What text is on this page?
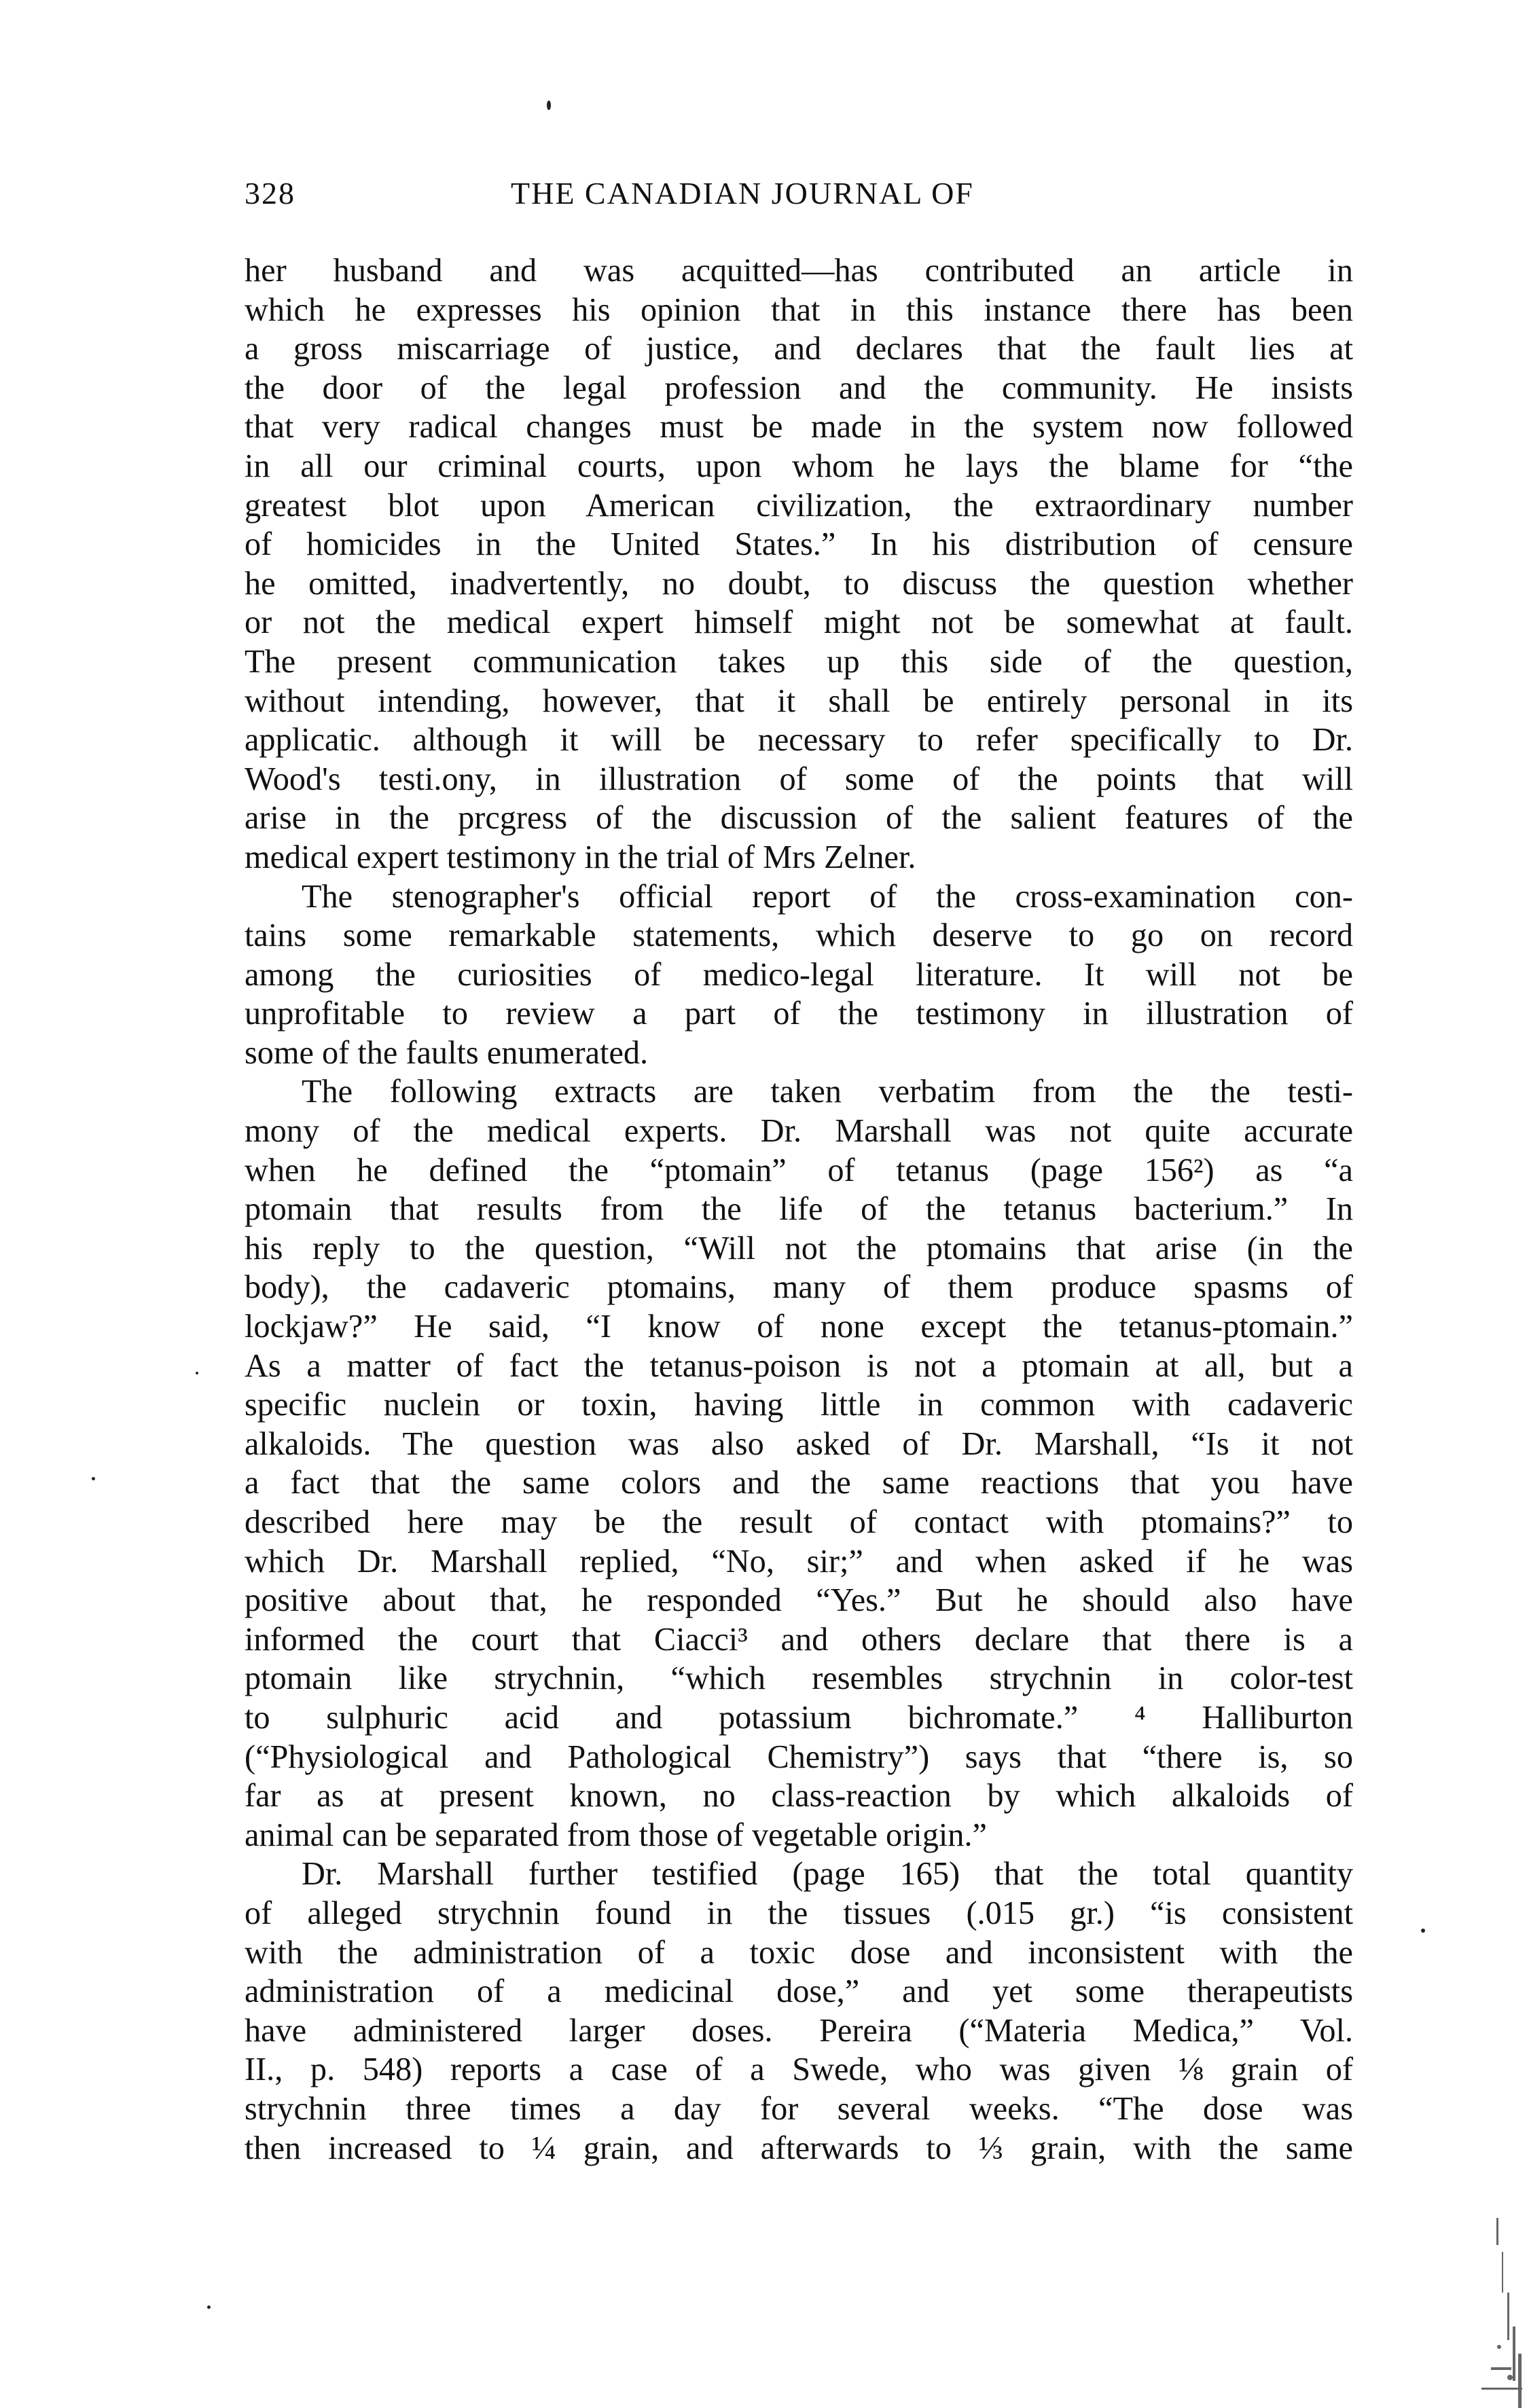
328	THE CANADIAN JOURNAL OF
her husband and was acquitted—has contributed an article in
which he expresses his opinion that in this instance there has been
a gross miscarriage of justice, and declares that the fault lies at
the door of the legal profession and the community. He insists
that very radical changes must be made in the system now followed
in all our criminal courts, upon whom he lays the blame for “the
greatest blot upon American civilization, the extraordinary number
of homicides in the United States.” In his distribution of censure
he omitted, inadvertently, no doubt, to discuss the question whether
or not the medical expert himself might not be somewhat at fault.
The present communication takes up this side of the question,
without intending, however, that it shall be entirely personal in its
applicatic. although it will be necessary to refer specifically to Dr.
Wood's testi.ony, in illustration of some of the points that will
arise in the prcgress of the discussion of the salient features of the
medical expert testimony in the trial of Mrs Zelner.
The stenographer's official report of the cross-examination con-
tains some remarkable statements, which deserve to go on record
among the curiosities of medico-legal literature. It will not be
unprofitable to review a part of the testimony in illustration of
some of the faults enumerated.
The following extracts are taken verbatim from the the testi-
mony of the medical experts. Dr. Marshall was not quite accurate
when he defined the “ptomain” of tetanus (page 156²) as “a
ptomain that results from the life of the tetanus bacterium.” In
his reply to the question, “Will not the ptomains that arise (in the
body), the cadaveric ptomains, many of them produce spasms of
lockjaw?” He said, “I know of none except the tetanus-ptomain.”
As a matter of fact the tetanus-poison is not a ptomain at all, but a
specific nuclein or toxin, having little in common with cadaveric
alkaloids. The question was also asked of Dr. Marshall, “Is it not
a fact that the same colors and the same reactions that you have
described here may be the result of contact with ptomains?” to
which Dr. Marshall replied, “No, sir;” and when asked if he was
positive about that, he responded “Yes.” But he should also have
informed the court that Ciacci³ and others declare that there is a
ptomain like strychnin, “which resembles strychnin in color-test
to sulphuric acid and potassium bichromate.” ⁴ Halliburton
(“Physiological and Pathological Chemistry”) says that “there is, so
far as at present known, no class-reaction by which alkaloids of
animal can be separated from those of vegetable origin.”
Dr. Marshall further testified (page 165) that the total quantity
of alleged strychnin found in the tissues (.015 gr.) “is consistent
with the administration of a toxic dose and inconsistent with the
administration of a medicinal dose,” and yet some therapeutists
have administered larger doses. Pereira (“Materia Medica,” Vol.
II., p. 548) reports a case of a Swede, who was given ⅛ grain of
strychnin three times a day for several weeks. “The dose was
then increased to ¼ grain, and afterwards to ⅓ grain, with the same
